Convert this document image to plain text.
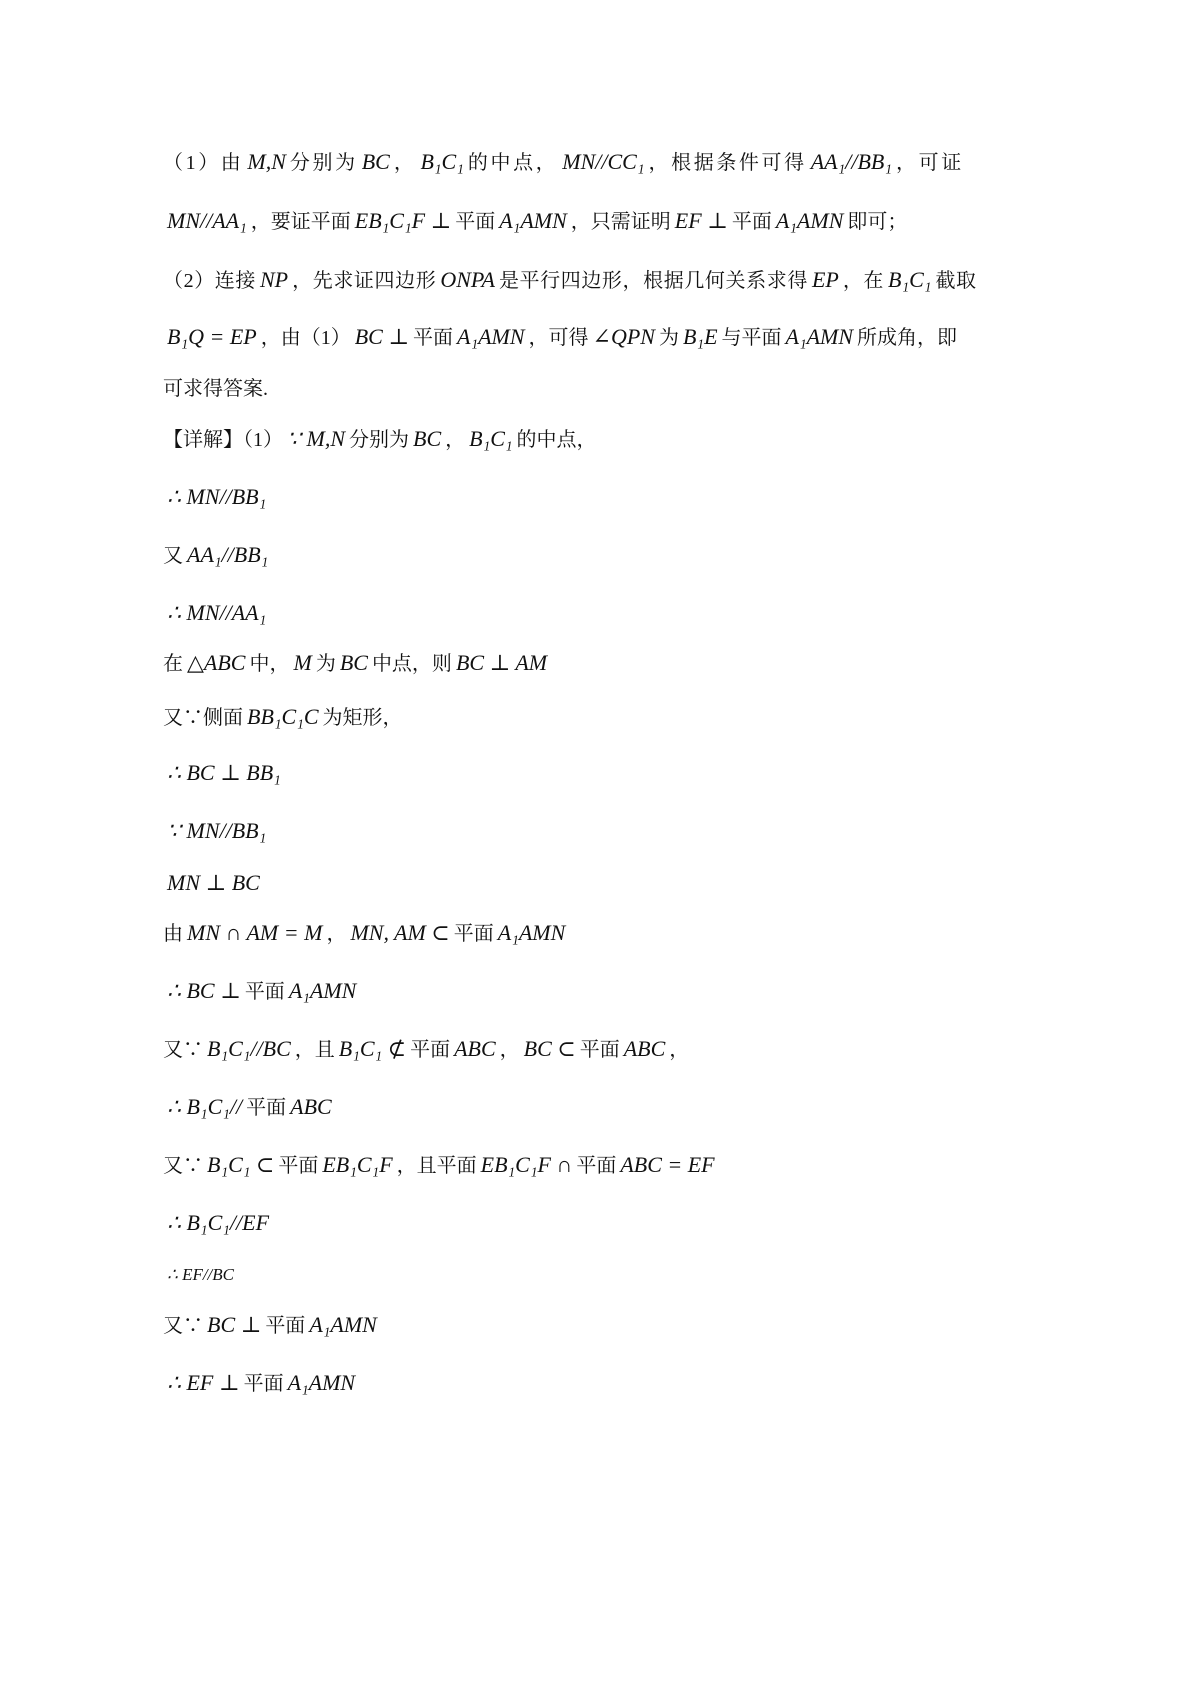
（1）由 M,N 分别为 BC ， B₁C₁ 的中点， MN//CC₁ ，根据条件可得 AA₁//BB₁ ，可证
MN//AA₁ ，要证平面 EB₁C₁F ⊥ 平面 A₁AMN ，只需证明 EF ⊥ 平面 A₁AMN 即可；
（2）连接 NP ，先求证四边形 ONPA 是平行四边形，根据几何关系求得 EP ，在 B₁C₁ 截取
B₁Q = EP ，由（1） BC ⊥ 平面 A₁AMN ，可得 ∠QPN 为 B₁E 与平面 A₁AMN 所成角，即
可求得答案.
【详解】（1） ∵ M,N 分别为 BC ， B₁C₁ 的中点，
∴ MN//BB₁
又 AA₁//BB₁
∴ MN//AA₁
在 △ABC 中， M 为 BC 中点，则 BC ⊥ AM
又∵侧面 BB₁C₁C 为矩形，
∴ BC ⊥ BB₁
∵ MN//BB₁
MN ⊥ BC
由 MN ∩ AM = M ， MN, AM ⊂ 平面 A₁AMN
∴ BC ⊥ 平面 A₁AMN
又∵ B₁C₁//BC ，且 B₁C₁ ⊄ 平面 ABC ， BC ⊂ 平面 ABC ，
∴ B₁C₁// 平面 ABC
又∵ B₁C₁ ⊂ 平面 EB₁C₁F ，且平面 EB₁C₁F ∩ 平面 ABC = EF
∴ B₁C₁//EF
∴ EF//BC
又∵ BC ⊥ 平面 A₁AMN
∴ EF ⊥ 平面 A₁AMN
